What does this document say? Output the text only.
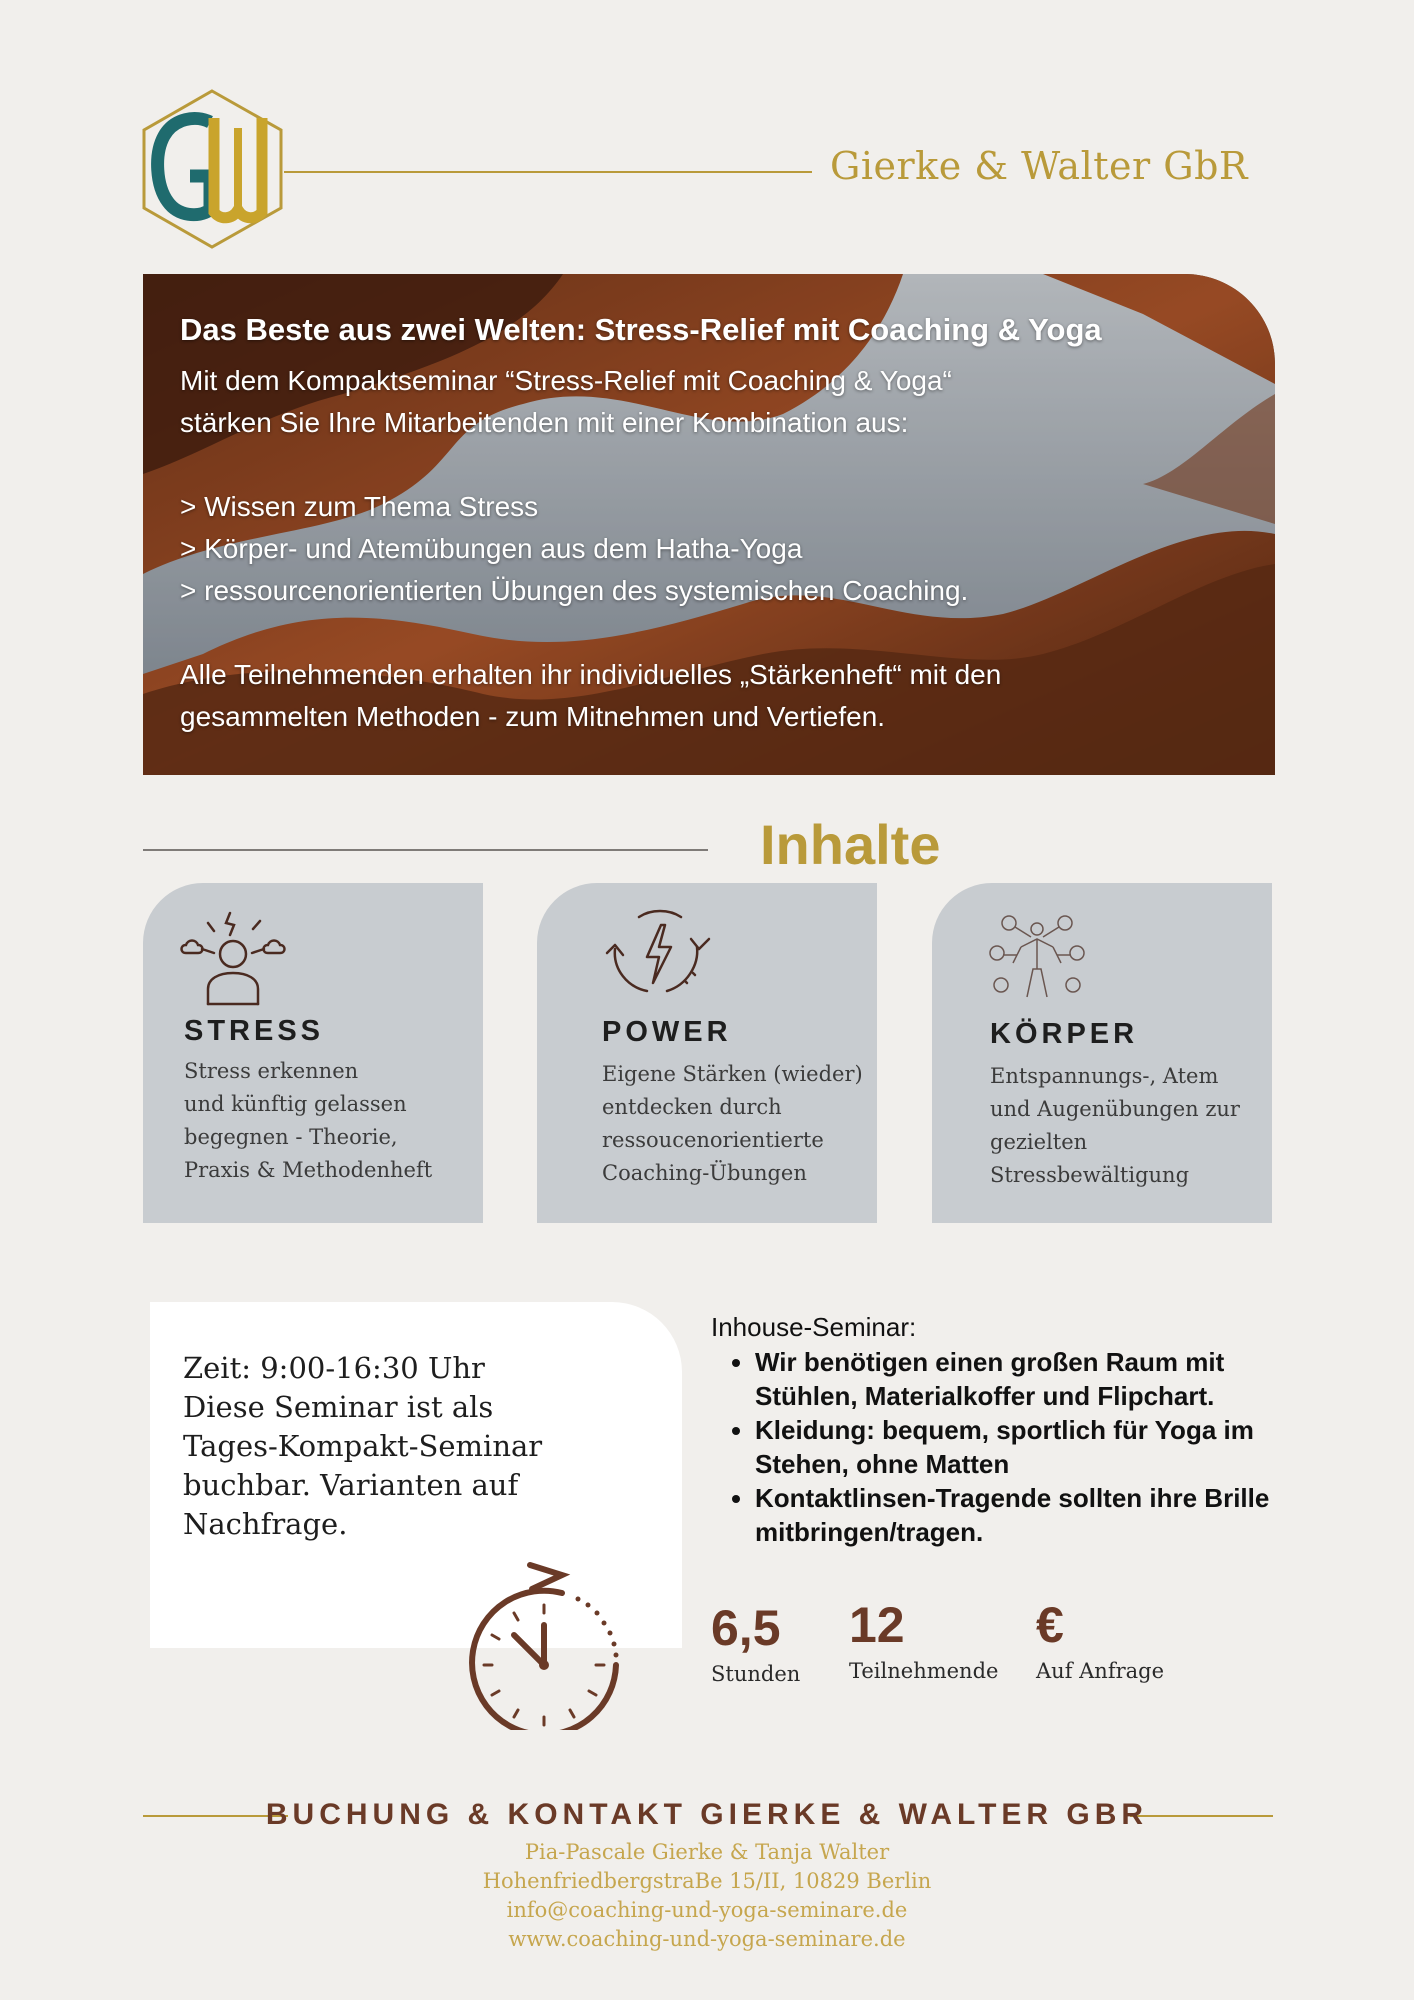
Gierke & Walter GbR
Das Beste aus zwei Welten: Stress-Relief mit Coaching & Yoga

Mit dem Kompaktseminar “Stress-Relief mit Coaching & Yoga“

stärken Sie Ihre Mitarbeitenden mit einer Kombination aus:

> Wissen zum Thema Stress

> Körper- und Atemübungen aus dem Hatha-Yoga

> ressourcenorientierten Übungen des systemischen Coaching.

Alle Teilnehmenden erhalten ihr individuelles „Stärkenheft“ mit den

gesammelten Methoden - zum Mitnehmen und Vertiefen.

Inhalte
STRESS
Stress erkennen
und künftig gelassen
begegnen - Theorie,
Praxis & Methodenheft
POWER
Eigene Stärken (wieder)
entdecken durch
ressoucenorientierte
Coaching-Übungen
KÖRPER
Entspannungs-, Atem
und Augenübungen zur
gezielten
Stressbewältigung
Zeit: 9:00-16:30 Uhr
Diese Seminar ist als
Tages-Kompakt-Seminar
buchbar. Varianten auf
Nachfrage.
Inhouse-Seminar:
• Wir benötigen einen großen Raum mit Stühlen, Materialkoffer und Flipchart.
• Kleidung: bequem, sportlich für Yoga im Stehen, ohne Matten
• Kontaktlinsen-Tragende sollten ihre Brille mitbringen/tragen.
6,5
Stunden
12
Teilnehmende
€
Auf Anfrage
BUCHUNG & KONTAKT GIERKE & WALTER GBR
Pia-Pascale Gierke & Tanja Walter
HohenfriedbergstraBe 15/II, 10829 Berlin
info@coaching-und-yoga-seminare.de
www.coaching-und-yoga-seminare.de
